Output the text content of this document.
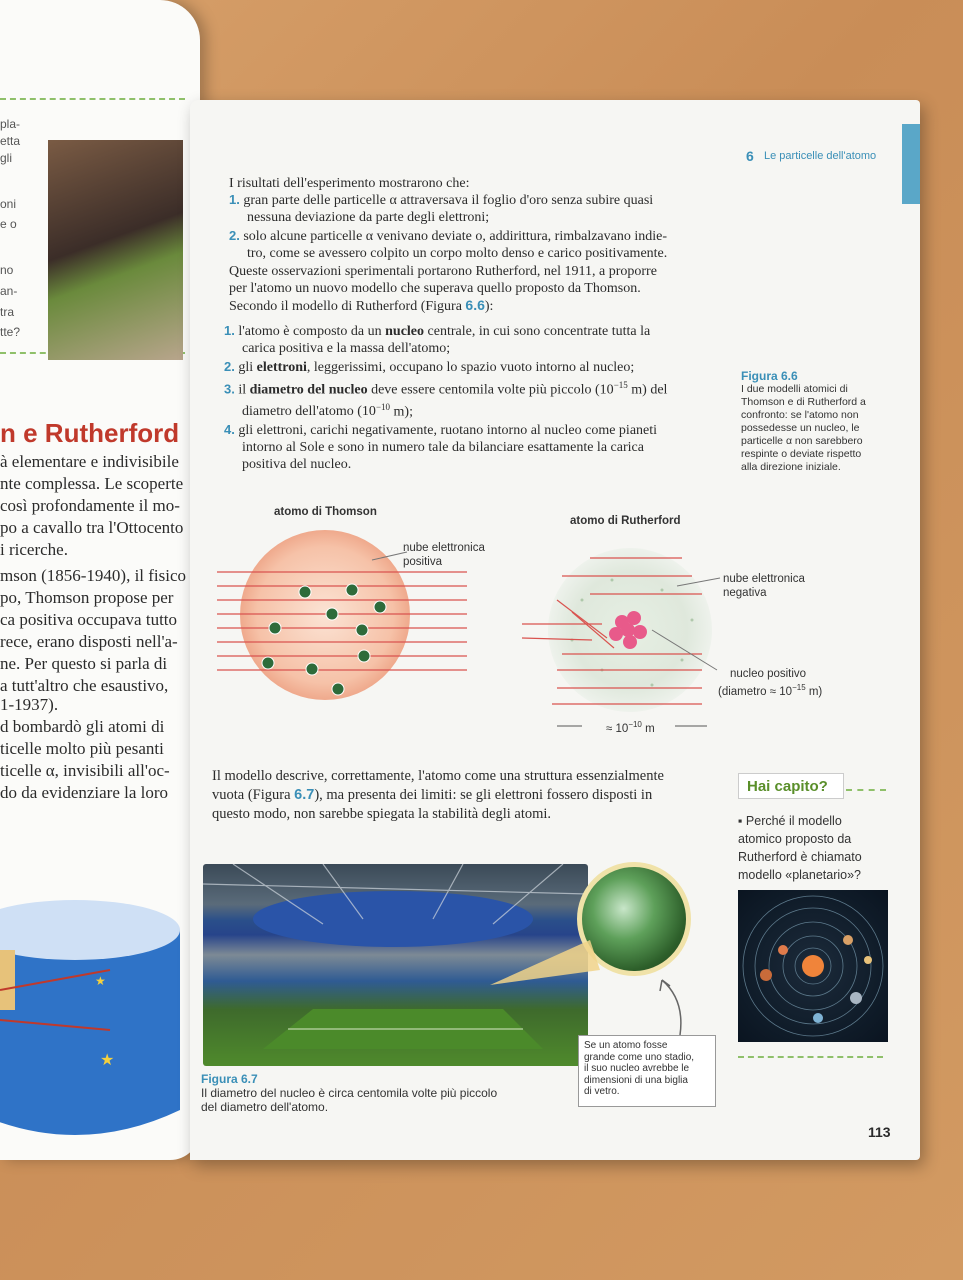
pla-
etta
gli
oni
e o
no
an-
tra
tte?
n e Rutherford
à elementare e indivisibile
nte complessa. Le scoperte
così profondamente il mo-
po a cavallo tra l'Ottocento
i ricerche.
mson (1856-1940), il fisico
po, Thomson propose per
ca positiva occupava tutto
rece, erano disposti nell'a-
ne. Per questo si parla di
a tutt'altro che esaustivo,
1-1937).
d bombardò gli atomi di
ticelle molto più pesanti
ticelle α, invisibili all'oc-
do da evidenziare la loro
★
★
6 Le particelle dell'atomo
I risultati dell'esperimento mostrarono che:
1. gran parte delle particelle α attraversava il foglio d'oro senza subire quasi
nessuna deviazione da parte degli elettroni;
2. solo alcune particelle α venivano deviate o, addirittura, rimbalzavano indie-
tro, come se avessero colpito un corpo molto denso e carico positivamente.
Queste osservazioni sperimentali portarono Rutherford, nel 1911, a proporre
per l'atomo un nuovo modello che superava quello proposto da Thomson.
Secondo il modello di Rutherford (Figura 6.6):
1. l'atomo è composto da un nucleo centrale, in cui sono concentrate tutta la
carica positiva e la massa dell'atomo;
2. gli elettroni, leggerissimi, occupano lo spazio vuoto intorno al nucleo;
3. il diametro del nucleo deve essere centomila volte più piccolo ($10^{-15}$ m) del
diametro dell'atomo ($10^{-10}$ m);
4. gli elettroni, carichi negativamente, ruotano intorno al nucleo come pianeti
intorno al Sole e sono in numero tale da bilanciare esattamente la carica
positiva del nucleo.
Figura 6.6
I due modelli atomici di
Thomson e di Rutherford a
confronto: se l'atomo non
possedesse un nucleo, le
particelle α non sarebbero
respinte o deviate rispetto
alla direzione iniziale.
atomo di Thomson
atomo di Rutherford
nube elettronica
positiva
nube elettronica
negativa
nucleo positivo
(diametro ≈ $10^{-15}$ m)
≈ $10^{-10}$ m
Il modello descrive, correttamente, l'atomo come una struttura essenzialmente
vuota (Figura 6.7), ma presenta dei limiti: se gli elettroni fossero disposti in
questo modo, non sarebbe spiegata la stabilità degli atomi.
Hai capito?
▪ Perché il modello
atomico proposto da
Rutherford è chiamato
modello «planetario»?
Se un atomo fosse
grande come uno stadio,
il suo nucleo avrebbe le
dimensioni di una biglia
di vetro.
Figura 6.7
Il diametro del nucleo è circa centomila volte più piccolo
del diametro dell'atomo.
113
